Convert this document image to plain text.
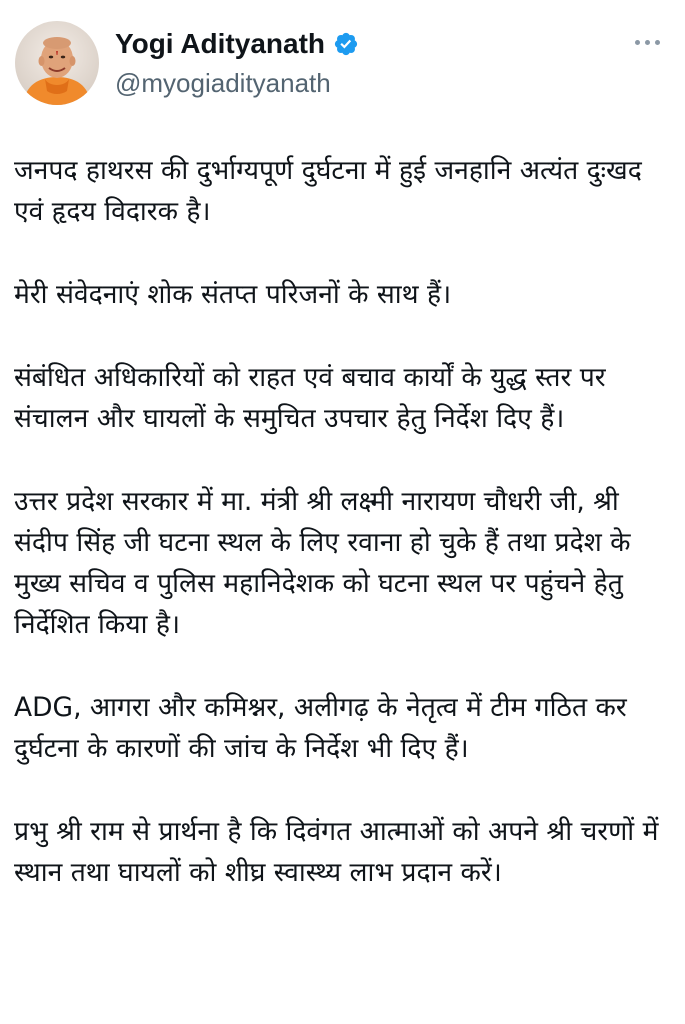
Yogi Adityanath
@myogiadityanath

जनपद हाथरस की दुर्भाग्यपूर्ण दुर्घटना में हुई जनहानि अत्यंत दुःखद एवं हृदय विदारक है।

मेरी संवेदनाएं शोक संतप्त परिजनों के साथ हैं।

संबंधित अधिकारियों को राहत एवं बचाव कार्यों के युद्ध स्तर पर संचालन और घायलों के समुचित उपचार हेतु निर्देश दिए हैं।

उत्तर प्रदेश सरकार में मा. मंत्री श्री लक्ष्मी नारायण चौधरी जी, श्री संदीप सिंह जी घटना स्थल के लिए रवाना हो चुके हैं तथा प्रदेश के मुख्य सचिव व पुलिस महानिदेशक को घटना स्थल पर पहुंचने हेतु निर्देशित किया है।

ADG, आगरा और कमिश्नर, अलीगढ़ के नेतृत्व में टीम गठित कर दुर्घटना के कारणों की जांच के निर्देश भी दिए हैं।

प्रभु श्री राम से प्रार्थना है कि दिवंगत आत्माओं को अपने श्री चरणों में स्थान तथा घायलों को शीघ्र स्वास्थ्य लाभ प्रदान करें।
